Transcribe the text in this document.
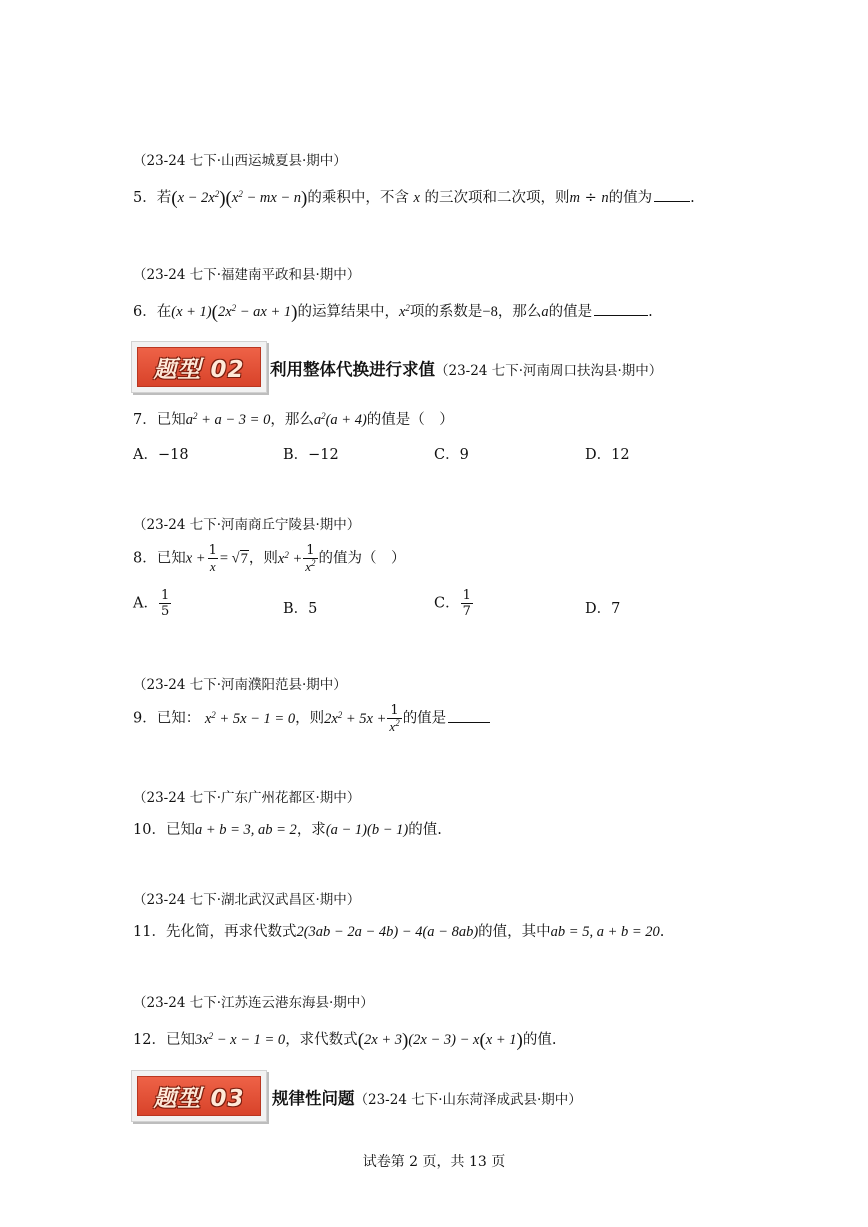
（23-24 七下·山西运城夏县·期中）
5．若$(x - 2x^2)(x^2$ − mx − n)的乘积中，不含 x 的三次项和二次项，则m ÷ n的值为	.
（23-24 七下·福建南平政和县·期中）
6．在$(x + 1)(2x^2$ − ax + 1)的运算结果中，$x^2$项的系数是−8，那么a的值是	.
题型 02 利用整体代换进行求值（23-24 七下·河南周口扶沟县·期中）
7．已知$a^2 + a - 3 = 0$，那么$a^2(a + 4)$的值是（　）
A．−18	B．−12	C．9	D．12
（23-24 七下·河南商丘宁陵县·期中）
8．已知$x + \frac{1}{x} = √7$，则$x^2 + \frac{1}{x^2}$ 的值为（　）
A． $\frac{1}{5}$	B．5	C． $\frac{1}{7}$	D．7
（23-24 七下·河南濮阳范县·期中）
9．已知： $x^2 + 5x - 1 = 0$，则$2x^2 + 5x + \frac{1}{x^2}$ 的值是
（23-24 七下·广东广州花都区·期中）
10．已知a + b = 3, ab = 2，求(a − 1)(b − 1)的值.
（23-24 七下·湖北武汉武昌区·期中）
11．先化简，再求代数式2(3ab − 2a − 4b) − 4(a − 8ab)的值，其中ab = 5, a + b = 20.
（23-24 七下·江苏连云港东海县·期中）
12．已知$3x^2 - x - 1 = 0$，求代数式(2x + 3)(2x − 3) − x(x + 1)的值.
题型 03 规律性问题（23-24 七下·山东菏泽成武县·期中）
试卷第 2 页，共 13 页
